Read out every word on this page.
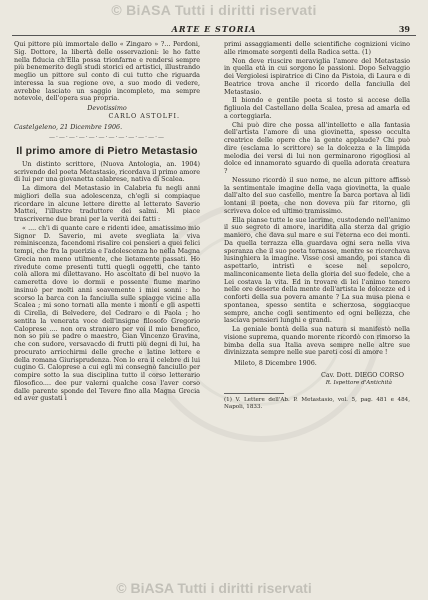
© BiASA Tutti i diritti riservati
ARTE E STORIA	39

Qui pittore più immortale dello « Zingaro » ?... Perdoni, Sig. Dottore, la libertà delle osservazioni: le ho fatte nella fiducia ch'Ella possa trionfarne e rendersi sempre più benemerito degli studi storici ed artistici, illustrando meglio un pittore sul conto di cui tutto che riguarda interessa la sua regione ove, a suo modo di vedere, avrebbe lasciato un saggio incompleto, ma sempre notevole, dell'opera sua propria.

Devotissimo
CARLO ASTOLFI.
Castelgeleno, 21 Dicembre 1906.
—·—·—·—·—·—·—·—·—·—·—·—
Il primo amore di Pietro Metastasio

Un distinto scrittore, (Nuova Antologia, an. 1904) scrivendo del poeta Metastasio, ricordava il primo amore di lui per una giovanetta calabrese, nativa di Scalea.

La dimora del Metastasio in Calabria fu negli anni migliori della sua adolescenza, ch'egli si compiaque ricordare in alcune lettere dirette al letterato Saverio Mattei, l'illustre traduttore dei salmi. Mi piace trascriverne due brani per la verità dei fatti :

« .... ch'i di quante care e ridenti idee, amatissimo mio Signor D. Saverio, mi avete svegliata la viva reminiscenza, facendomi risalire coi pensieri a quei felici tempi, che fra la puerizia e l'adolescenza ho nella Magna Grecia non meno utilmente, che lietamente passati. Ho rivedute come presenti tutti quegli oggetti, che tanto colà allora mi dilettavano. Ho ascoltato di bel nuovo la cameretta dove io dormii e possente fiume marino insinuò per molti anni soavemente i miei sonni : ho scorso la barca con la fanciulla sulle spiagge vicine alla Scalea ; mi sono tornati alla mente i monti e gli aspetti di Cirella, di Belvedere, del Cedraro e di Paola ; ho sentita la venerata voce dell'insigne filosofo Gregorio Caloprese .... non ora straniero per voi il mio benefico, non so più se padre o maestro, Gian Vincenzo Gravina, che con sudore, versavacdo di frutti più degni di lui, ha procurato arricchirmi delle greche e latine lettere e della romana Giurisprudenza. Non lo era il celebre di lui cugino G. Caloprese a cui egli mi consegnò fanciullo per compire sotto la sua disciplina tutto il corso letterario filosofico.... dee pur valerni qualche cosa l'aver corso dalle parente sponde del Tevere fino alla Magna Grecia ed aver gustati i

primi assaggiamenti delle scientifiche cognizioni vicino alle rimomate sorgenti della Radica setta. (1)

Non deve riuscire meraviglia l'amore del Metastasio in quella età in cui sorgono le passioni. Dopo Selvaggio dei Vergiolesi ispiratrice di Cino da Pistoia, di Laura e di Beatrice trova anche il ricordo della fanciulla del Metastasio.

Il biondo e gentile poeta si tosto si accese della figliuola del Castellano della Scalea, presa ad amarla ed a corteggiarla.

Chi può dire che possa all'intelletto e alla fantasia dell'artista l'amore di una giovinetta, spesso occulta creatrice delle opere che la gente applaude? Chi può dire (esclama lo scrittore) se la dolcezza e la limpida melodia dei versi di lui non germinarono rigogliosi al dolce ed innamorato sguardo di quella adorata creatura ?

Nessuno ricordò il suo nome, ne alcun pittore affissò la sentimentale imagine della vaga giovinetta, la quale dall'alto del suo castello, mentre la barca portava al lidi lontani il poeta, che non doveva più far ritorno, gli scriveva dolce ed ultimo tramissimo.

Ella pianse tutte le sue lacrime, custodendo nell'animo il suo segreto di amore, inaridita alla sterza dal grigio maniero, che dava sul mare e sui l'eterna eco dei monti. Da quella terrazza ella guardava ogni sera nella viva speranza che il suo poeta tornasse, mentre se ricerchava lusinghiera la imagine. Visse così amando, poi stanca di aspettarlo, intristì e scese nel sepolcro, malinconicamente lieta della gloria del suo fedele, che a Lei costava la vita. Ed in trovare di lei l'animo tenero nelle ore deserte della mente dell'artista le dolcezze ed i conforti della sua povera amante ? La sua musa piena e spontanea, spesso sentita e scherzosa, soggiacque sempre, anche cogli sentimento ed ogni bellezza, che lasciava pensieri lunghi e grandi.

La geniale bontà della sua natura si manifestò nella visione suprema, quando morente ricordò con rimorso la bimba della sua Italia aveva sempre nelle altre sue divinizzata sempre nelle sue pareti cosí di amore !

Mileto, 8 Dicembre 1906.
Cav. Dott. DIEGO CORSO
R. Ispettore d'Antichità
(1) V. Lettere dell'Ab. P. Metastasio, vol. 5, pag. 481 e 484, Napoli, 1833.
© BiASA Tutti i diritti riservati
